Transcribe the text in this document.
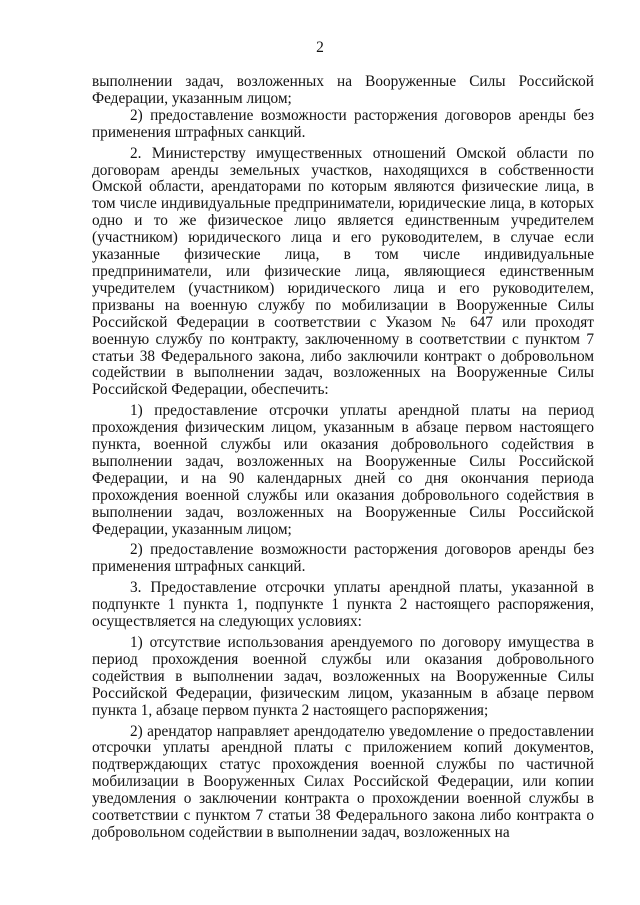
2

выполнении задач, возложенных на Вооруженные Силы Российской Федерации, указанным лицом;

2) предоставление возможности расторжения договоров аренды без применения штрафных санкций.

2. Министерству имущественных отношений Омской области по договорам аренды земельных участков, находящихся в собственности Омской области, арендаторами по которым являются физические лица, в том числе индивидуальные предприниматели, юридические лица, в которых одно и то же физическое лицо является единственным учредителем (участником) юридического лица и его руководителем, в случае если указанные физические лица, в том числе индивидуальные предприниматели, или физические лица, являющиеся единственным учредителем (участником) юридического лица и его руководителем, призваны на военную службу по мобилизации в Вооруженные Силы Российской Федерации в соответствии с Указом № 647 или проходят военную службу по контракту, заключенному в соответствии с пунктом 7 статьи 38 Федерального закона, либо заключили контракт о добровольном содействии в выполнении задач, возложенных на Вооруженные Силы Российской Федерации, обеспечить:

1) предоставление отсрочки уплаты арендной платы на период прохождения физическим лицом, указанным в абзаце первом настоящего пункта, военной службы или оказания добровольного содействия в выполнении задач, возложенных на Вооруженные Силы Российской Федерации, и на 90 календарных дней со дня окончания периода прохождения военной службы или оказания добровольного содействия в выполнении задач, возложенных на Вооруженные Силы Российской Федерации, указанным лицом;

2) предоставление возможности расторжения договоров аренды без применения штрафных санкций.

3. Предоставление отсрочки уплаты арендной платы, указанной в подпункте 1 пункта 1, подпункте 1 пункта 2 настоящего распоряжения, осуществляется на следующих условиях:

1) отсутствие использования арендуемого по договору имущества в период прохождения военной службы или оказания добровольного содействия в выполнении задач, возложенных на Вооруженные Силы Российской Федерации, физическим лицом, указанным в абзаце первом пункта 1, абзаце первом пункта 2 настоящего распоряжения;

2) арендатор направляет арендодателю уведомление о предоставлении отсрочки уплаты арендной платы с приложением копий документов, подтверждающих статус прохождения военной службы по частичной мобилизации в Вооруженных Силах Российской Федерации, или копии уведомления о заключении контракта о прохождении военной службы в соответствии с пунктом 7 статьи 38 Федерального закона либо контракта о добровольном содействии в выполнении задач, возложенных на
